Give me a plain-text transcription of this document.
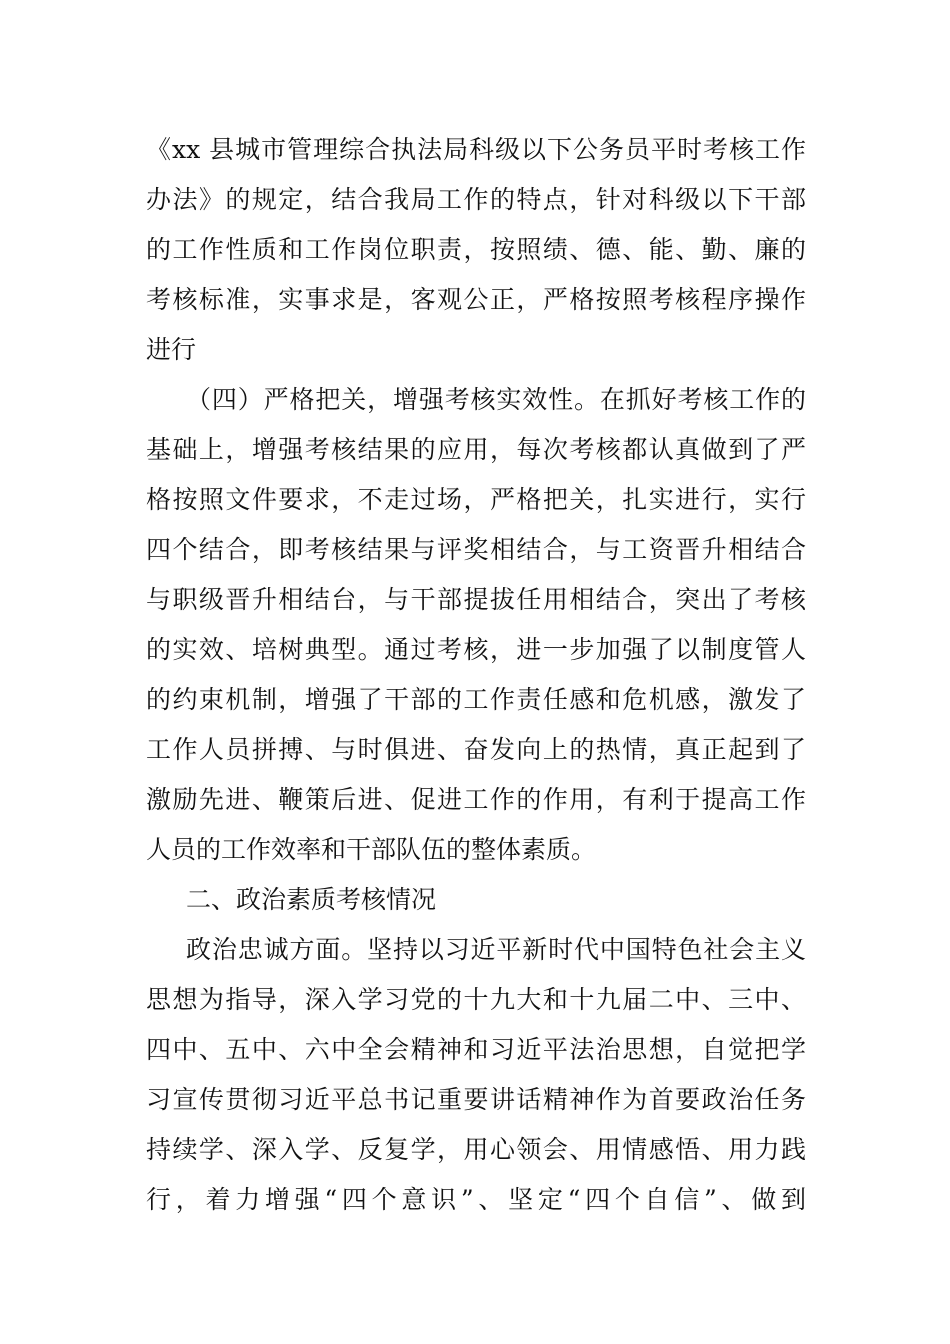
《xx 县城市管理综合执法局科级以下公务员平时考核工作
办法》的规定，结合我局工作的特点，针对科级以下干部
的工作性质和工作岗位职责，按照绩、德、能、勤、廉的
考核标准，实事求是，客观公正，严格按照考核程序操作
进行
（四）严格把关，增强考核实效性。在抓好考核工作的
基础上，增强考核结果的应用，每次考核都认真做到了严
格按照文件要求，不走过场，严格把关，扎实进行，实行
四个结合，即考核结果与评奖相结合，与工资晋升相结合
与职级晋升相结台，与干部提拔任用相结合，突出了考核
的实效、培树典型。通过考核，进一步加强了以制度管人
的约束机制，增强了干部的工作责任感和危机感，激发了
工作人员拼搏、与时俱进、奋发向上的热情，真正起到了
激励先进、鞭策后进、促进工作的作用，有利于提高工作
人员的工作效率和干部队伍的整体素质。
二、政治素质考核情况
政治忠诚方面。坚持以习近平新时代中国特色社会主义
思想为指导，深入学习党的十九大和十九届二中、三中、
四中、五中、六中全会精神和习近平法治思想，自觉把学
习宣传贯彻习近平总书记重要讲话精神作为首要政治任务
持续学、深入学、反复学，用心领会、用情感悟、用力践
行，着力增强“四个意识”、坚定“四个自信”、做到
